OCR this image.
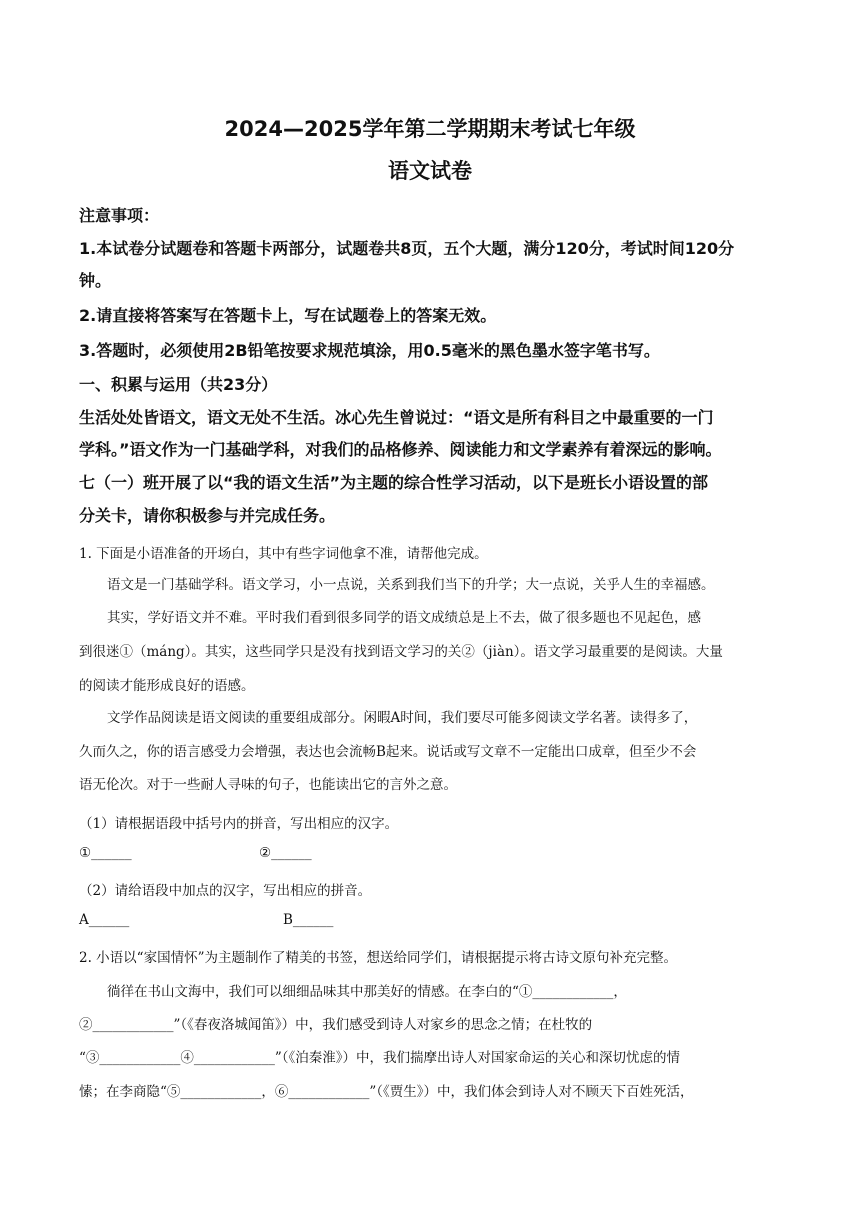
2024—2025学年第二学期期末考试七年级
语文试卷
注意事项：
1.本试卷分试题卷和答题卡两部分，试题卷共8页，五个大题，满分120分，考试时间120分
钟。
2.请直接将答案写在答题卡上，写在试题卷上的答案无效。
3.答题时，必须使用2B铅笔按要求规范填涂，用0.5毫米的黑色墨水签字笔书写。
一、积累与运用（共23分）
生活处处皆语文，语文无处不生活。冰心先生曾说过：“语文是所有科目之中最重要的一门
学科。”语文作为一门基础学科，对我们的品格修养、阅读能力和文学素养有着深远的影响。
七（一）班开展了以“我的语文生活”为主题的综合性学习活动，以下是班长小语设置的部
分关卡，请你积极参与并完成任务。
1. 下面是小语准备的开场白，其中有些字词他拿不准，请帮他完成。
语文是一门基础学科。语文学习，小一点说，关系到我们当下的升学；大一点说，关乎人生的幸福感。
其实，学好语文并不难。平时我们看到很多同学的语文成绩总是上不去，做了很多题也不见起色，感
到很迷①（máng）。其实，这些同学只是没有找到语文学习的关②（jiàn）。语文学习最重要的是阅读。大量
的阅读才能形成良好的语感。
文学作品阅读是语文阅读的重要组成部分。闲暇A时间，我们要尽可能多阅读文学名著。读得多了，
久而久之，你的语言感受力会增强，表达也会流畅B起来。说话或写文章不一定能出口成章，但至少不会
语无伦次。对于一些耐人寻味的句子，也能读出它的言外之意。
（1）请根据语段中括号内的拼音，写出相应的汉字。
①______	②______
（2）请给语段中加点的汉字，写出相应的拼音。
A______	B______
2. 小语以“家国情怀”为主题制作了精美的书签，想送给同学们，请根据提示将古诗文原句补充完整。
徜徉在书山文海中，我们可以细细品味其中那美好的情感。在李白的“①____________，
②____________”（《春夜洛城闻笛》）中，我们感受到诗人对家乡的思念之情；在杜牧的
“③____________④____________”（《泊秦淮》）中，我们揣摩出诗人对国家命运的关心和深切忧虑的情
愫；在李商隐“⑤____________，⑥____________”（《贾生》）中，我们体会到诗人对不顾天下百姓死活，
